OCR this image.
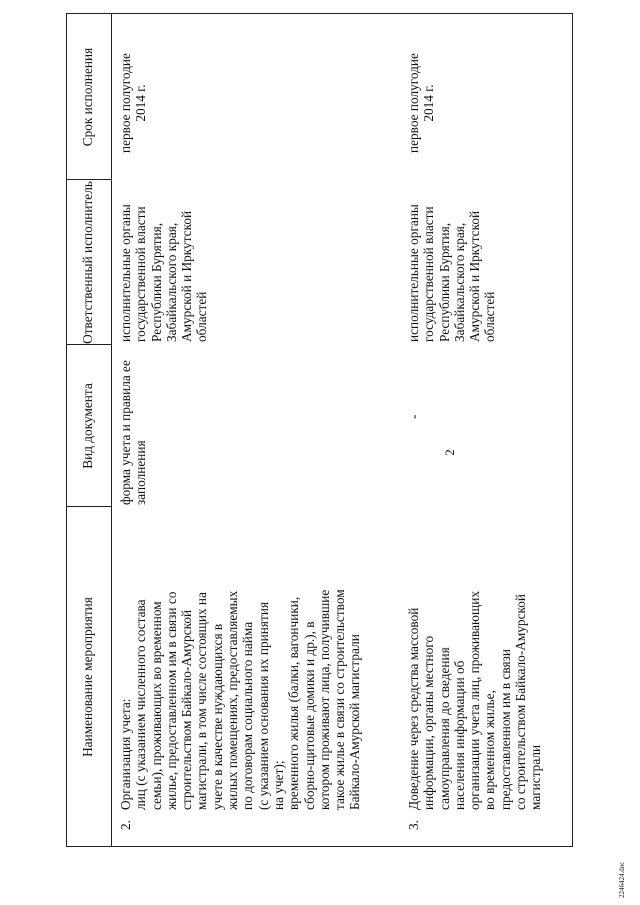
2
Наименование мероприятия
Вид документа
Ответственный исполнитель
Срок исполнения
2.
Организация учета:
лиц (с указанием численного состава
семьи), проживающих во временном
жилье, предоставленном им в связи со
строительством Байкало-Амурской
магистрали, в том числе состоящих на
учете в качестве нуждающихся в
жилых помещениях, предоставляемых
по договорам социального найма
(с указанием основания их принятия
на учет);
временного жилья (балки, вагончики,
сборно-щитовые домики и др.), в
котором проживают лица, получившие
такое жилье в связи со строительством
Байкало-Амурской магистрали
форма учета и правила ее
заполнения
исполнительные органы
государственной власти
Республики Бурятия,
Забайкальского края,
Амурской и Иркутской
областей
первое полугодие
2014 г.
3.
Доведение через средства массовой
информации, органы местного
самоуправления до сведения
населения информации об
организации учета лиц, проживающих
во временном жилье,
предоставленном им в связи
со строительством Байкало-Амурской
магистрали
-
исполнительные органы
государственной власти
Республики Бурятия,
Забайкальского края,
Амурской и Иркутской
областей
первое полугодие
2014 г.
2246424.doc
